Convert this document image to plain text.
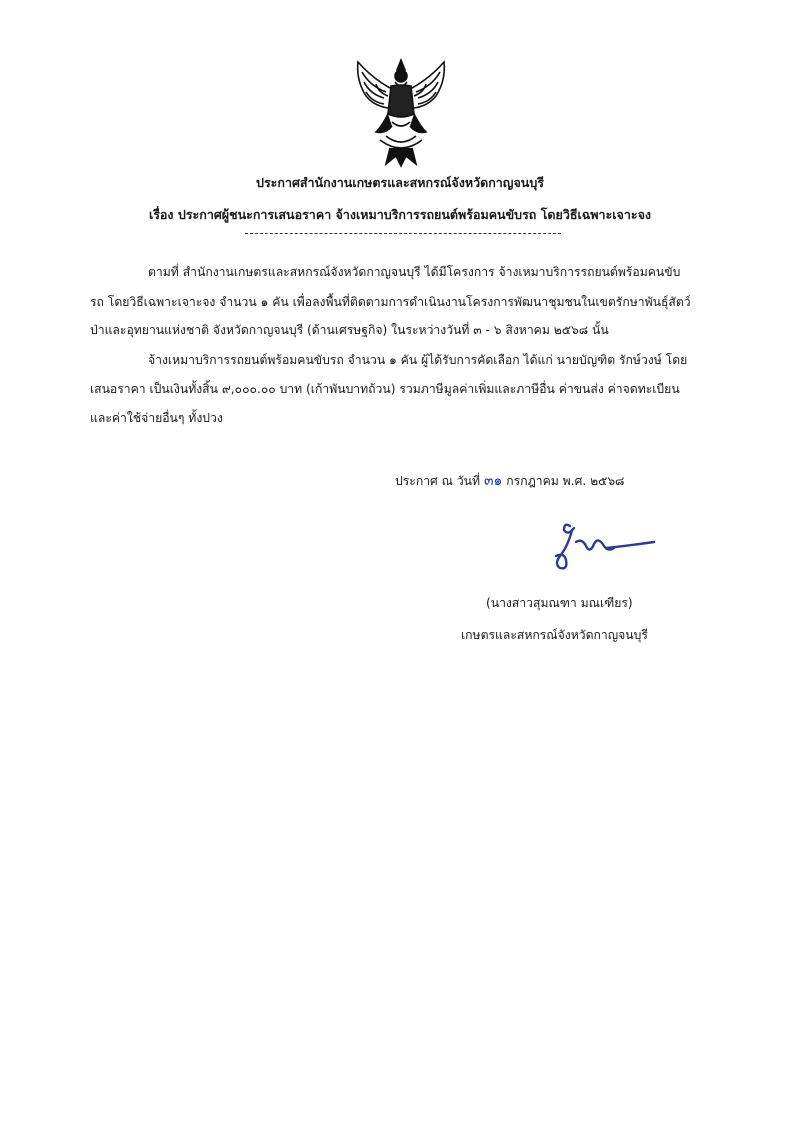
ประกาศสำนักงานเกษตรและสหกรณ์จังหวัดกาญจนบุรี
เรื่อง ประกาศผู้ชนะการเสนอราคา จ้างเหมาบริการรถยนต์พร้อมคนขับรถ โดยวิธีเฉพาะเจาะจง
ตามที่ สำนักงานเกษตรและสหกรณ์จังหวัดกาญจนบุรี ได้มีโครงการ จ้างเหมาบริการรถยนต์พร้อมคนขับ
รถ โดยวิธีเฉพาะเจาะจง จำนวน ๑ คัน เพื่อลงพื้นที่ติดตามการดำเนินงานโครงการพัฒนาชุมชนในเขตรักษาพันธุ์สัตว์
ป่าและอุทยานแห่งชาติ จังหวัดกาญจนบุรี (ด้านเศรษฐกิจ) ในระหว่างวันที่ ๓ - ๖ สิงหาคม ๒๕๖๘ นั้น
จ้างเหมาบริการรถยนต์พร้อมคนขับรถ จำนวน ๑ คัน ผู้ได้รับการคัดเลือก ได้แก่ นายบัญฑิต รักษ์วงษ์ โดย
เสนอราคา เป็นเงินทั้งสิ้น ๙,๐๐๐.๐๐ บาท (เก้าพันบาทถ้วน) รวมภาษีมูลค่าเพิ่มและภาษีอื่น ค่าขนส่ง ค่าจดทะเบียน
และค่าใช้จ่ายอื่นๆ ทั้งปวง
ประกาศ ณ วันที่ ๓๑ กรกฎาคม พ.ศ. ๒๕๖๘
(นางสาวสุมณฑา มณเฑียร)
เกษตรและสหกรณ์จังหวัดกาญจนบุรี
